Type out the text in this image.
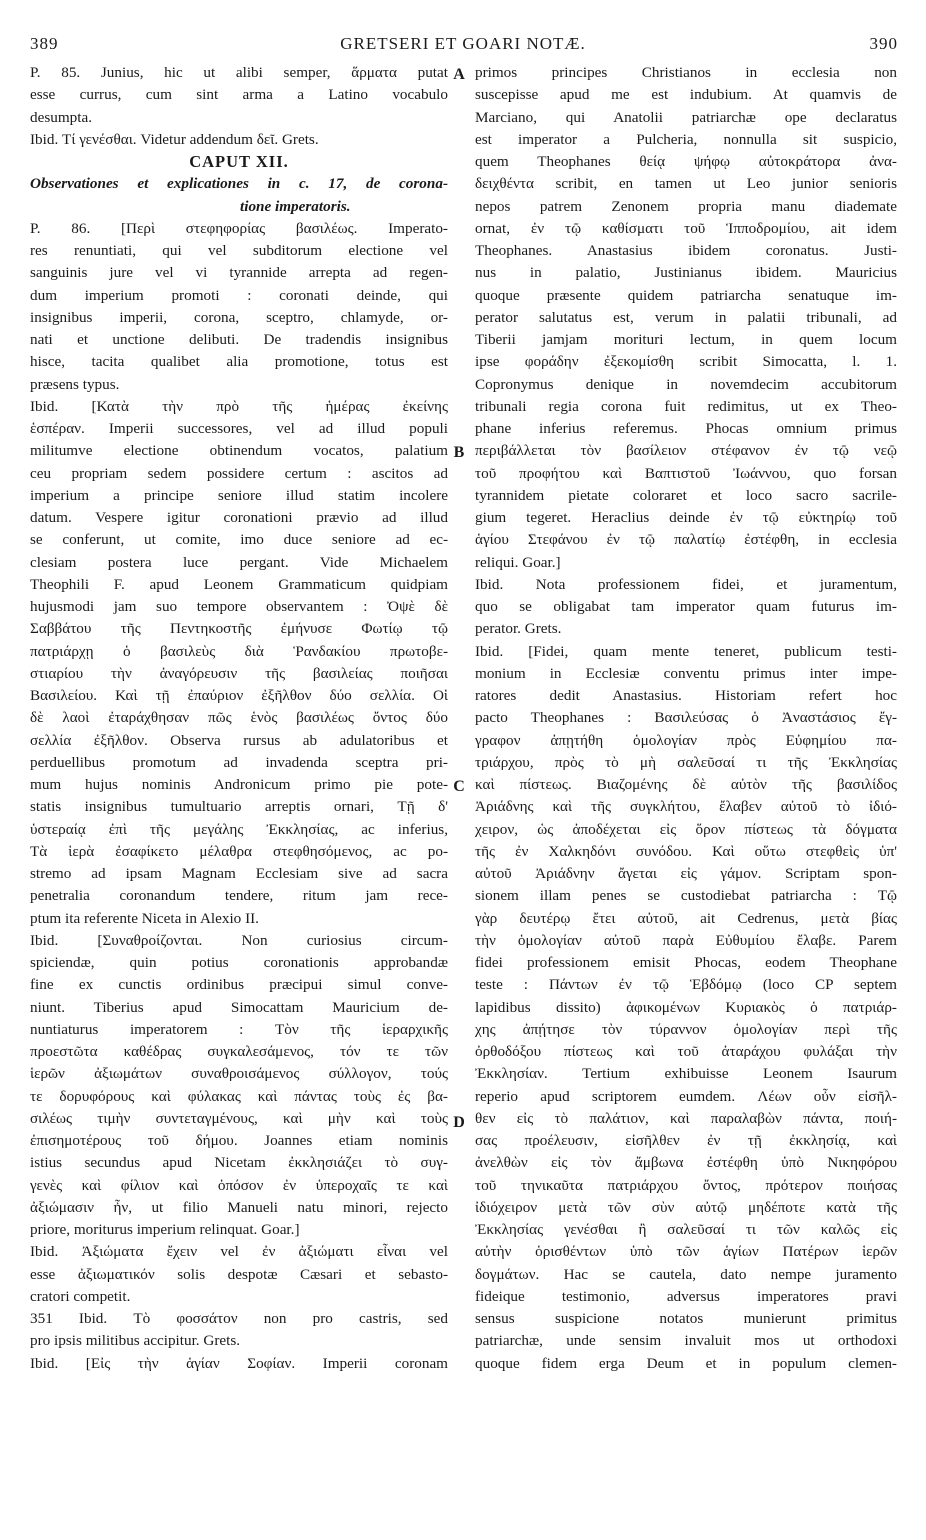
389	GRETSERI ET GOARI NOTÆ.	390
A
B
C
D
P. 85. Junius, hic ut alibi semper, ἅρματα putat
esse currus, cum sint arma a Latino vocabulo
desumpta.
Ibid. Τί γενέσθαι. Videtur addendum δεῖ. Grets.
CAPUT XII.
Observationes et explicationes in c. 17, de corona-
tione imperatoris.
P. 86. [Περὶ στεφηφορίας βασιλέως. Imperato-
res renuntiati, qui vel subditorum electione vel
sanguinis jure vel vi tyrannide arrepta ad regen-
dum imperium promoti : coronati deinde, qui
insignibus imperii, corona, sceptro, chlamyde, or-
nati et unctione delibuti. De tradendis insignibus
hisce, tacita qualibet alia promotione, totus est
præsens typus.
Ibid. [Κατὰ τὴν πρὸ τῆς ἡμέρας ἐκείνης
ἑσπέραν. Imperii successores, vel ad illud populi
militumve electione obtinendum vocatos, palatium
ceu propriam sedem possidere certum : ascitos ad
imperium a principe seniore illud statim incolere
datum. Vespere igitur coronationi prævio ad illud
se conferunt, ut comite, imo duce seniore ad ec-
clesiam postera luce pergant. Vide Michaelem
Theophili F. apud Leonem Grammaticum quidpiam
hujusmodi jam suo tempore observantem : Ὀψὲ δὲ
Σαββάτου τῆς Πεντηκοστῆς ἐμήνυσε Φωτίῳ τῷ
πατριάρχῃ ὁ βασιλεὺς διὰ Ῥανδακίου πρωτοβε-
στιαρίου τὴν ἀναγόρευσιν τῆς βασιλείας ποιῆσαι
Βασιλείου. Καὶ τῇ ἐπαύριον ἐξῆλθον δύο σελλία. Οἱ
δὲ λαοὶ ἐταράχθησαν πῶς ἑνὸς βασιλέως ὄντος δύο
σελλία ἐξῆλθον. Observa rursus ab adulatoribus et
perduellibus promotum ad invadenda sceptra pri-
mum hujus nominis Andronicum primo pie pote-
statis insignibus tumultuario arreptis ornari, Τῇ δ'
ὑστεραίᾳ ἐπὶ τῆς μεγάλης Ἐκκλησίας, ac inferius,
Τὰ ἱερὰ ἐσαφίκετο μέλαθρα στεφθησόμενος, ac po-
stremo ad ipsam Magnam Ecclesiam sive ad sacra
penetralia coronandum tendere, ritum jam rece-
ptum ita referente Niceta in Alexio II.
Ibid. [Συναθροίζονται. Non curiosius circum-
spiciendæ, quin potius coronationis approbandæ
fine ex cunctis ordinibus præcipui simul conve-
niunt. Tiberius apud Simocattam Mauricium de-
nuntiaturus imperatorem : Τὸν τῆς ἱεραρχικῆς
προεστῶτα καθέδρας συγκαλεσάμενος, τόν τε τῶν
ἱερῶν ἀξιωμάτων συναθροισάμενος σύλλογον, τούς
τε δορυφόρους καὶ φύλακας καὶ πάντας τοὺς ἐς βα-
σιλέως τιμὴν συντεταγμένους, καὶ μὴν καὶ τοὺς
ἐπισημοτέρους τοῦ δήμου. Joannes etiam nominis
istius secundus apud Nicetam ἐκκλησιάζει τὸ συγ-
γενὲς καὶ φίλιον καὶ ὁπόσον ἐν ὑπεροχαῖς τε καὶ
ἀξιώμασιν ἦν, ut filio Manueli natu minori, rejecto
priore, moriturus imperium relinquat. Goar.]
Ibid. Ἀξιώματα ἔχειν vel ἐν ἀξιώματι εἶναι vel
esse ἀξιωματικόν solis despotæ Cæsari et sebasto-
cratori competit.
351 Ibid. Τὸ φοσσάτον non pro castris, sed
pro ipsis militibus accipitur. Grets.
Ibid. [Εἰς τὴν ἁγίαν Σοφίαν. Imperii coronam
primos principes Christianos in ecclesia non
suscepisse apud me est indubium. At quamvis de
Marciano, qui Anatolii patriarchæ ope declaratus
est imperator a Pulcheria, nonnulla sit suspicio,
quem Theophanes θείᾳ ψήφῳ αὐτοκράτορα ἀνα-
δειχθέντα scribit, en tamen ut Leo junior senioris
nepos patrem Zenonem propria manu diademate
ornat, ἐν τῷ καθίσματι τοῦ Ἱπποδρομίου, ait idem
Theophanes. Anastasius ibidem coronatus. Justi-
nus in palatio, Justinianus ibidem. Mauricius
quoque præsente quidem patriarcha senatuque im-
perator salutatus est, verum in palatii tribunali, ad
Tiberii jamjam morituri lectum, in quem locum
ipse φοράδην ἐξεκομίσθη scribit Simocatta, l. 1.
Copronymus denique in novemdecim accubitorum
tribunali regia corona fuit redimitus, ut ex Theo-
phane inferius referemus. Phocas omnium primus
περιβάλλεται τὸν βασίλειον στέφανον ἐν τῷ νεῷ
τοῦ προφήτου καὶ Βαπτιστοῦ Ἰωάννου, quo forsan
tyrannidem pietate coloraret et loco sacro sacrile-
gium tegeret. Heraclius deinde ἐν τῷ εὐκτηρίῳ τοῦ
ἁγίου Στεφάνου ἐν τῷ παλατίῳ ἐστέφθη, in ecclesia
reliqui. Goar.]
Ibid. Nota professionem fidei, et juramentum,
quo se obligabat tam imperator quam futurus im-
perator. Grets.
Ibid. [Fidei, quam mente teneret, publicum testi-
monium in Ecclesiæ conventu primus inter impe-
ratores dedit Anastasius. Historiam refert hoc
pacto Theophanes : Βασιλεύσας ὁ Ἀναστάσιος ἔγ-
γραφον ἀπῃτήθη ὁμολογίαν πρὸς Εὐφημίου πα-
τριάρχου, πρὸς τὸ μὴ σαλεῦσαί τι τῆς Ἐκκλησίας
καὶ πίστεως. Βιαζομένης δὲ αὐτὸν τῆς βασιλίδος
Ἀριάδνης καὶ τῆς συγκλήτου, ἔλαβεν αὐτοῦ τὸ ἰδιό-
χειρον, ὡς ἀποδέχεται εἰς ὅρον πίστεως τὰ δόγματα
τῆς ἐν Χαλκηδόνι συνόδου. Καὶ οὕτω στεφθεὶς ὑπ'
αὐτοῦ Ἀριάδνην ἄγεται εἰς γάμον. Scriptam spon-
sionem illam penes se custodiebat patriarcha : Τῷ
γὰρ δευτέρῳ ἔτει αὐτοῦ, ait Cedrenus, μετὰ βίας
τὴν ὁμολογίαν αὐτοῦ παρὰ Εὐθυμίου ἔλαβε. Parem
fidei professionem emisit Phocas, eodem Theophane
teste : Πάντων ἐν τῷ Ἑβδόμῳ (loco CP septem
lapidibus dissito) ἀφικομένων Κυριακὸς ὁ πατριάρ-
χης ἀπῄτησε τὸν τύραννον ὁμολογίαν περὶ τῆς
ὀρθοδόξου πίστεως καὶ τοῦ ἀταράχου φυλάξαι τὴν
Ἐκκλησίαν. Tertium exhibuisse Leonem Isaurum
reperio apud scriptorem eumdem. Λέων οὖν εἰσῆλ-
θεν εἰς τὸ παλάτιον, καὶ παραλαβὼν πάντα, ποιή-
σας προέλευσιν, εἰσῆλθεν ἐν τῇ ἐκκλησίᾳ, καὶ
ἀνελθὼν εἰς τὸν ἄμβωνα ἐστέφθη ὑπὸ Νικηφόρου
τοῦ τηνικαῦτα πατριάρχου ὄντος, πρότερον ποιήσας
ἰδιόχειρον μετὰ τῶν σὺν αὐτῷ μηδέποτε κατὰ τῆς
Ἐκκλησίας γενέσθαι ἢ σαλεῦσαί τι τῶν καλῶς εἰς
αὐτὴν ὁρισθέντων ὑπὸ τῶν ἁγίων Πατέρων ἱερῶν
δογμάτων. Hac se cautela, dato nempe juramento
fideique testimonio, adversus imperatores pravi
sensus suspicione notatos munierunt primitus
patriarchæ, unde sensim invaluit mos ut orthodoxi
quoque fidem erga Deum et in populum clemen-
